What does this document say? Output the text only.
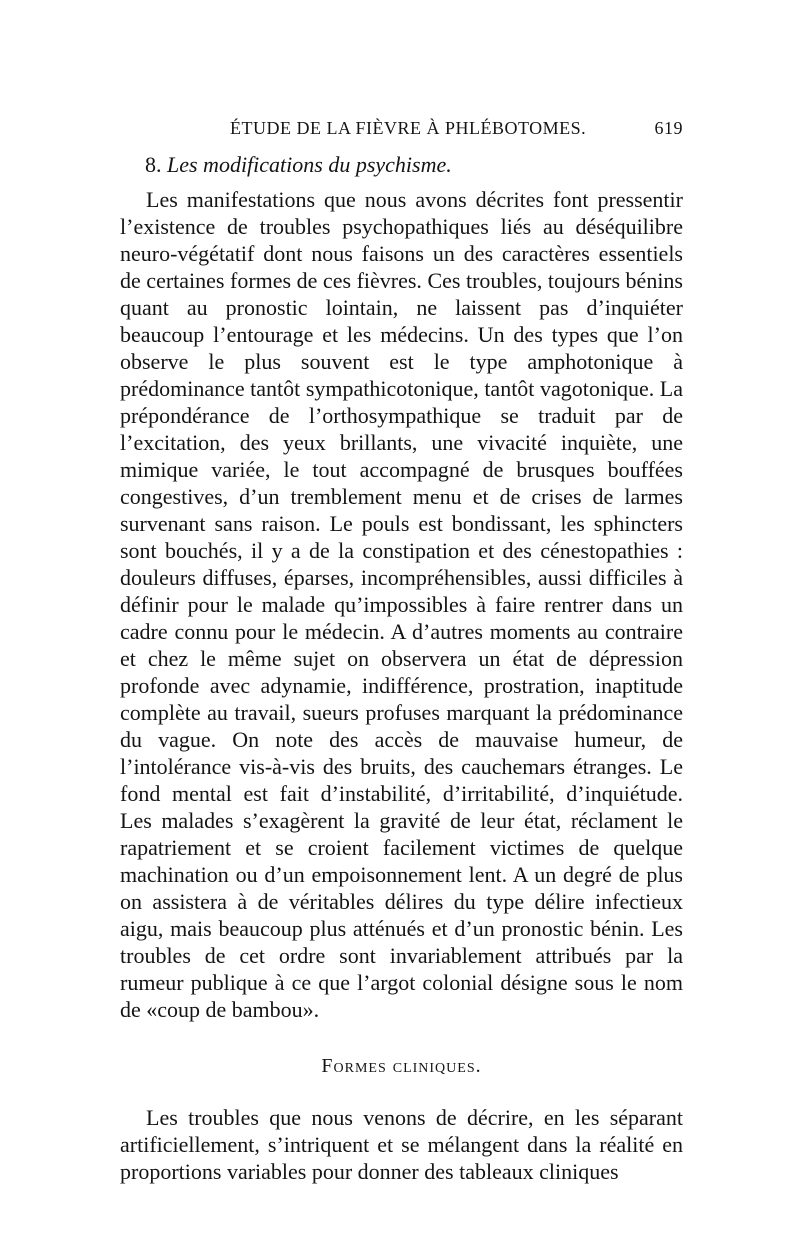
ÉTUDE DE LA FIÈVRE À PHLÉBOTOMES.	619
8. Les modifications du psychisme.

Les manifestations que nous avons décrites font pressentir l’existence de troubles psychopathiques liés au déséquilibre neuro-végétatif dont nous faisons un des caractères essentiels de certaines formes de ces fièvres. Ces troubles, toujours bénins quant au pronostic lointain, ne laissent pas d’inquiéter beaucoup l’entourage et les médecins. Un des types que l’on observe le plus souvent est le type amphotonique à prédominance tantôt sympathicotonique, tantôt vagotonique. La prépondérance de l’orthosympathique se traduit par de l’excitation, des yeux brillants, une vivacité inquiète, une mimique variée, le tout accompagné de brusques bouffées congestives, d’un tremblement menu et de crises de larmes survenant sans raison. Le pouls est bondissant, les sphincters sont bouchés, il y a de la constipation et des cénestopathies : douleurs diffuses, éparses, incompréhensibles, aussi difficiles à définir pour le malade qu’impossibles à faire rentrer dans un cadre connu pour le médecin. A d’autres moments au contraire et chez le même sujet on observera un état de dépression profonde avec adynamie, indifférence, prostration, inaptitude complète au travail, sueurs profuses marquant la prédominance du vague. On note des accès de mauvaise humeur, de l’intolérance vis-à-vis des bruits, des cauchemars étranges. Le fond mental est fait d’instabilité, d’irritabilité, d’inquiétude. Les malades s’exagèrent la gravité de leur état, réclament le rapatriement et se croient facilement victimes de quelque machination ou d’un empoisonnement lent. A un degré de plus on assistera à de véritables délires du type délire infectieux aigu, mais beaucoup plus atténués et d’un pronostic bénin. Les troubles de cet ordre sont invariablement attribués par la rumeur publique à ce que l’argot colonial désigne sous le nom de «coup de bambou».

Formes cliniques.

Les troubles que nous venons de décrire, en les séparant artificiellement, s’intriquent et se mélangent dans la réalité en proportions variables pour donner des tableaux cliniques
